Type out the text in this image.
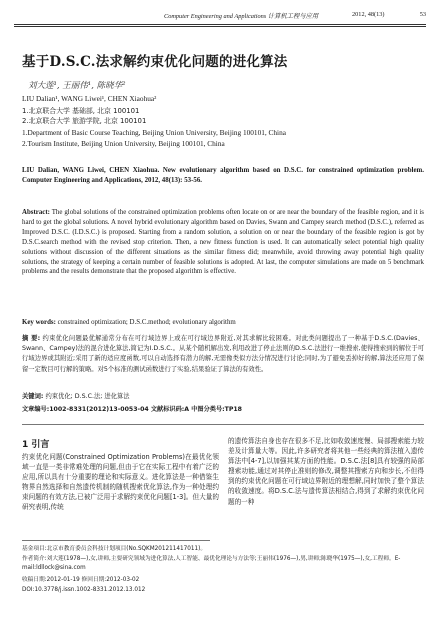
Computer Engineering and Applications 计算机工程与应用	2012, 48(13)	53
基于D.S.C.法求解约束优化问题的进化算法
刘大莲¹, 王丽伟¹, 陈晓华²
LIU Dalian¹, WANG Liwei¹, CHEN Xiaohua²
1.北京联合大学 基础部, 北京 100101
2.北京联合大学 旅游学院, 北京 100101
1.Department of Basic Course Teaching, Beijing Union University, Beijing 100101, China
2.Tourism Institute, Beijing Union University, Beijing 100101, China
LIU Dalian, WANG Liwei, CHEN Xiaohua. New evolutionary algorithm based on D.S.C. for constrained optimization problem. Computer Engineering and Applications, 2012, 48(13): 53-56.
Abstract: The global solutions of the constrained optimization problems often locate on or are near the boundary of the feasible region, and it is hard to get the global solutions. A novel hybrid evolutionary algorithm based on Davies, Swann and Campey search method (D.S.C.), referred as Improved D.S.C. (I.D.S.C.) is proposed. Starting from a random solution, a solution on or near the boundary of the feasible region is got by D.S.C.search method with the revised stop criterion. Then, a new fitness function is used. It can automatically select potential high quality solutions without discussion of the different situations as the similar fitness did; meanwhile, avoid throwing away potential high quality solutions, the strategy of keeping a certain number of feasible solutions is adopted. At last, the computer simulations are made on 5 benchmark problems and the results demonstrate that the proposed algorithm is effective.
Key words: constrained optimization; D.S.C.method; evolutionary algorithm
摘 要: 约束优化问题最优解通常分布在可行域边界上或在可行域边界附近,对其求解比较困难。对此类问题提出了一种基于D.S.C.(Davies、Swann、Campey)法的混合进化算法,简记为I.D.S.C.。从某个随机解出发,利用改进了停止法则的D.S.C.法进行一维搜索,使得搜索到的解位于可行域边界或其附近;采用了新的适应度函数,可以自动选择有潜力的解,无需像类似方法分情况进行讨论;同时,为了避免丢掉好的解,算法还应用了保留一定数目可行解的策略。对5个标准的测试函数进行了实验,结果验证了算法的有效性。
关键词: 约束优化; D.S.C.法; 进化算法
文章编号:1002-8331(2012)13-0053-04 文献标识码:A 中图分类号:TP18
1 引言
约束优化问题(Constrained Optimization Problems)在最优化领域一直是一类非常难处理的问题,但由于它在实际工程中有着广泛的应用,所以具有十分重要的理论和实际意义。进化算法是一种借鉴生物界自然选择和自然遗传机制的随机搜索优化算法,作为一种处理约束问题的有效方法,已被广泛用于求解约束优化问题[1-3]。但大量的研究表明,传统
的遗传算法自身也存在很多不足,比如收敛速度慢、局部搜索能力较差及计算量大等。因此,许多研究者将其他一些经典的算法植入遗传算法中[4-7],以加强其某方面的性能。D.S.C.法[8]具有较强的局部搜索功能,通过对其停止准则的修改,调整其搜索方向和步长,不但得到的约束优化问题在可行域边界附近的理想解,同时加快了整个算法的收敛速度。将D.S.C.法与遗传算法相结合,得到了求解约束优化问题的一种
基金项目:北京市教育委员会科技计划项目(No.SQKM201211417011)。
作者简介:刘大莲(1978—),女,讲师,主要研究领域为进化算法,人工智能、最优化理论与方法等;王丽伟(1976—),男,讲师;陈晓华(1975—),女,工程师。E-mail:ldllock@sina.com
收稿日期:2012-01-19 修回日期:2012-03-02
DOI:10.3778/j.issn.1002-8331.2012.13.012
